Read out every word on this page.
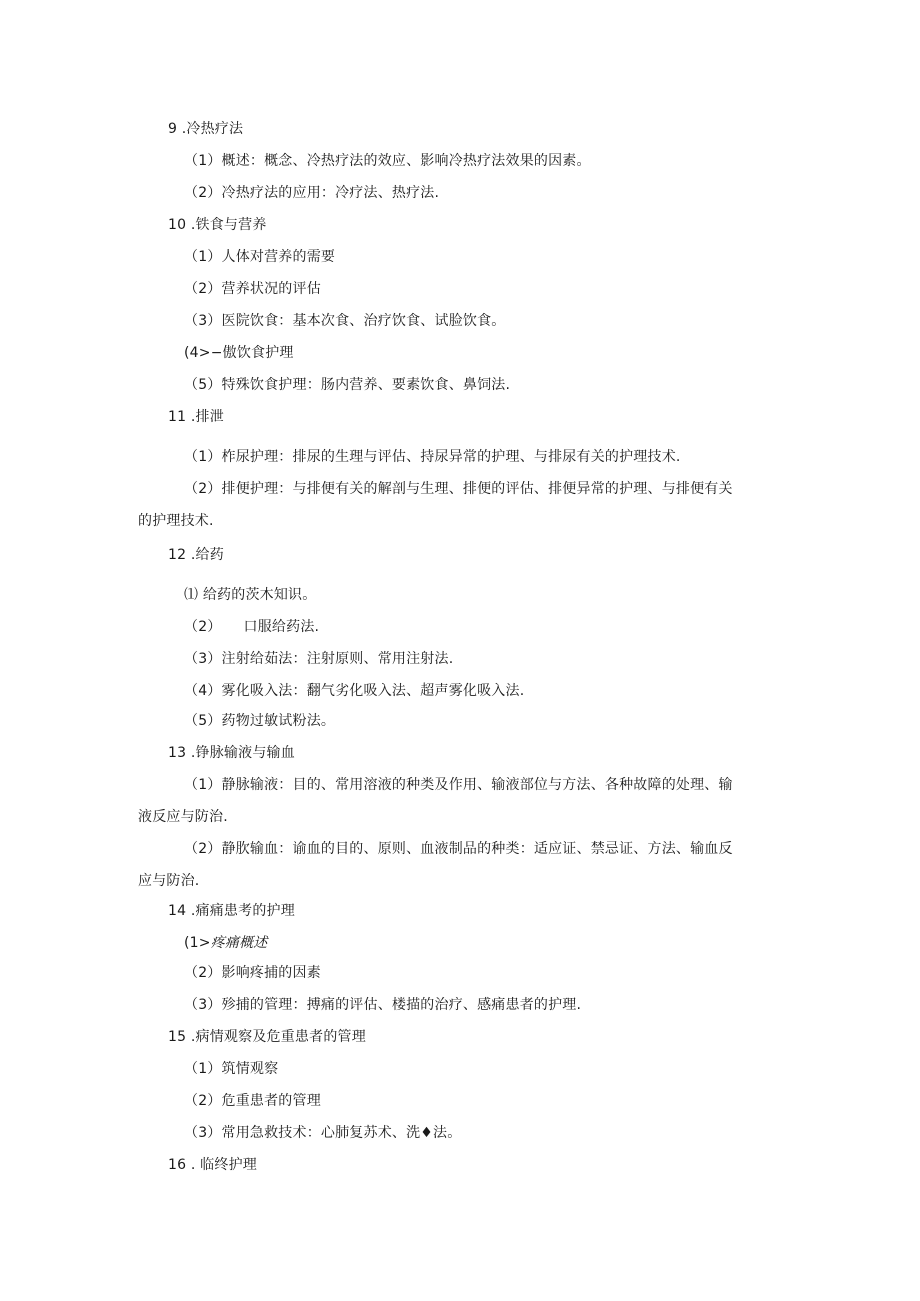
9 .冷热疗法
（1）概述：概念、冷热疗法的效应、影响冷热疗法效果的因素。
（2）冷热疗法的应用：冷疗法、热疗法.
10 .铁食与营养
（1）人体对营养的需要
（2）营养状况的评估
（3）医院饮食：基本次食、治疗饮食、试脸饮食。
(4>−傲饮食护理
（5）特殊饮食护理：肠内营养、要素饮食、鼻饲法.
11 .排泄
（1）柞尿护理：排尿的生理与评估、持尿异常的护理、与排尿有关的护理技术.
（2）排便护理：与排便有关的解剖与生理、排便的评估、排便异常的护理、与排便有关
的护理技术.
12 .给药
⑴ 给药的茨木知识。
（2） 口服给药法.
（3）注射给茹法：注射原则、常用注射法.
（4）雾化吸入法：翻气劣化吸入法、超声雾化吸入法.
（5）药物过敏试粉法。
13 .铮脉输液与输血
（1）静脉输液：目的、常用溶液的种类及作用、输液部位与方法、各种故障的处理、输
液反应与防治.
（2）静肷输血：谕血的目的、原则、血液制品的种类：适应证、禁忌证、方法、输血反
应与防治.
14 .痛痛患考的护理
(1>疼痛概述
（2）影响疼捕的因素
（3）殄捕的管理：搏痛的评估、楼描的治疗、感痛患者的护理.
15 .病情观察及危重患者的管理
（1）筑情观察
（2）危重患者的管理
（3）常用急救技术：心肺复苏术、洗♦法。
16 . 临终护理
